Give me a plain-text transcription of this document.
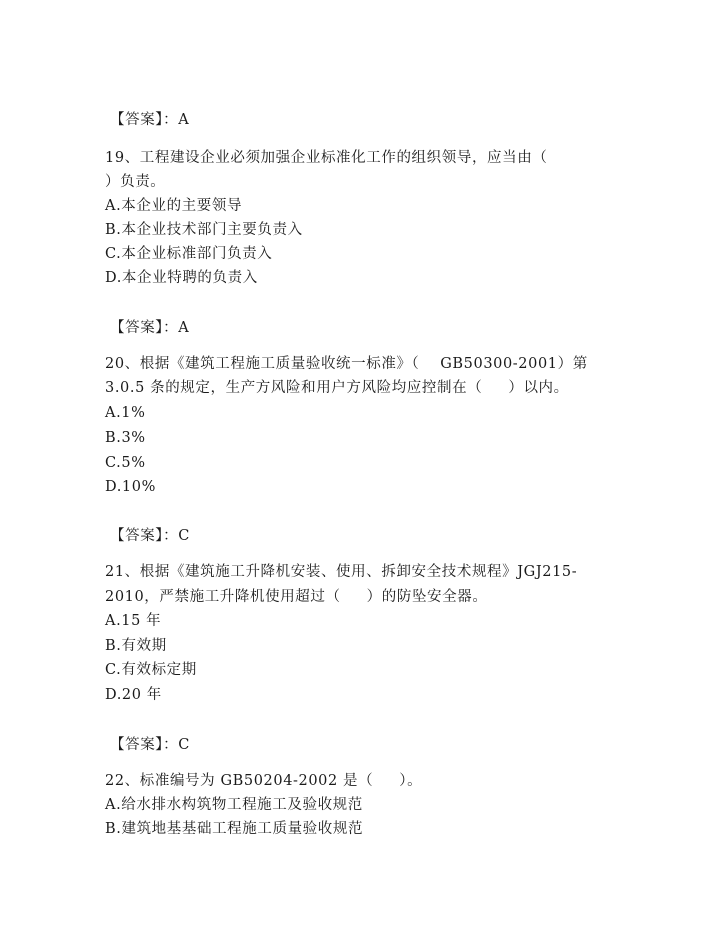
【答案】：A
19、工程建设企业必须加强企业标准化工作的组织领导，应当由（
）负责。
A.本企业的主要领导
B.本企业技术部门主要负责入
C.本企业标准部门负责入
D.本企业特聘的负责入
【答案】：A
20、根据《建筑工程施工质量验收统一标准》（    GB50300-2001）第
3.0.5 条的规定，生产方风险和用户方风险均应控制在（     ）以内。
A.1%
B.3%
C.5%
D.10%
【答案】：C
21、根据《建筑施工升降机安装、使用、拆卸安全技术规程》JGJ215-
2010，严禁施工升降机使用超过（     ）的防坠安全器。
A.15 年
B.有效期
C.有效标定期
D.20 年
【答案】：C
22、标准编号为 GB50204-2002 是（     ）。
A.给水排水构筑物工程施工及验收规范
B.建筑地基基础工程施工质量验收规范
